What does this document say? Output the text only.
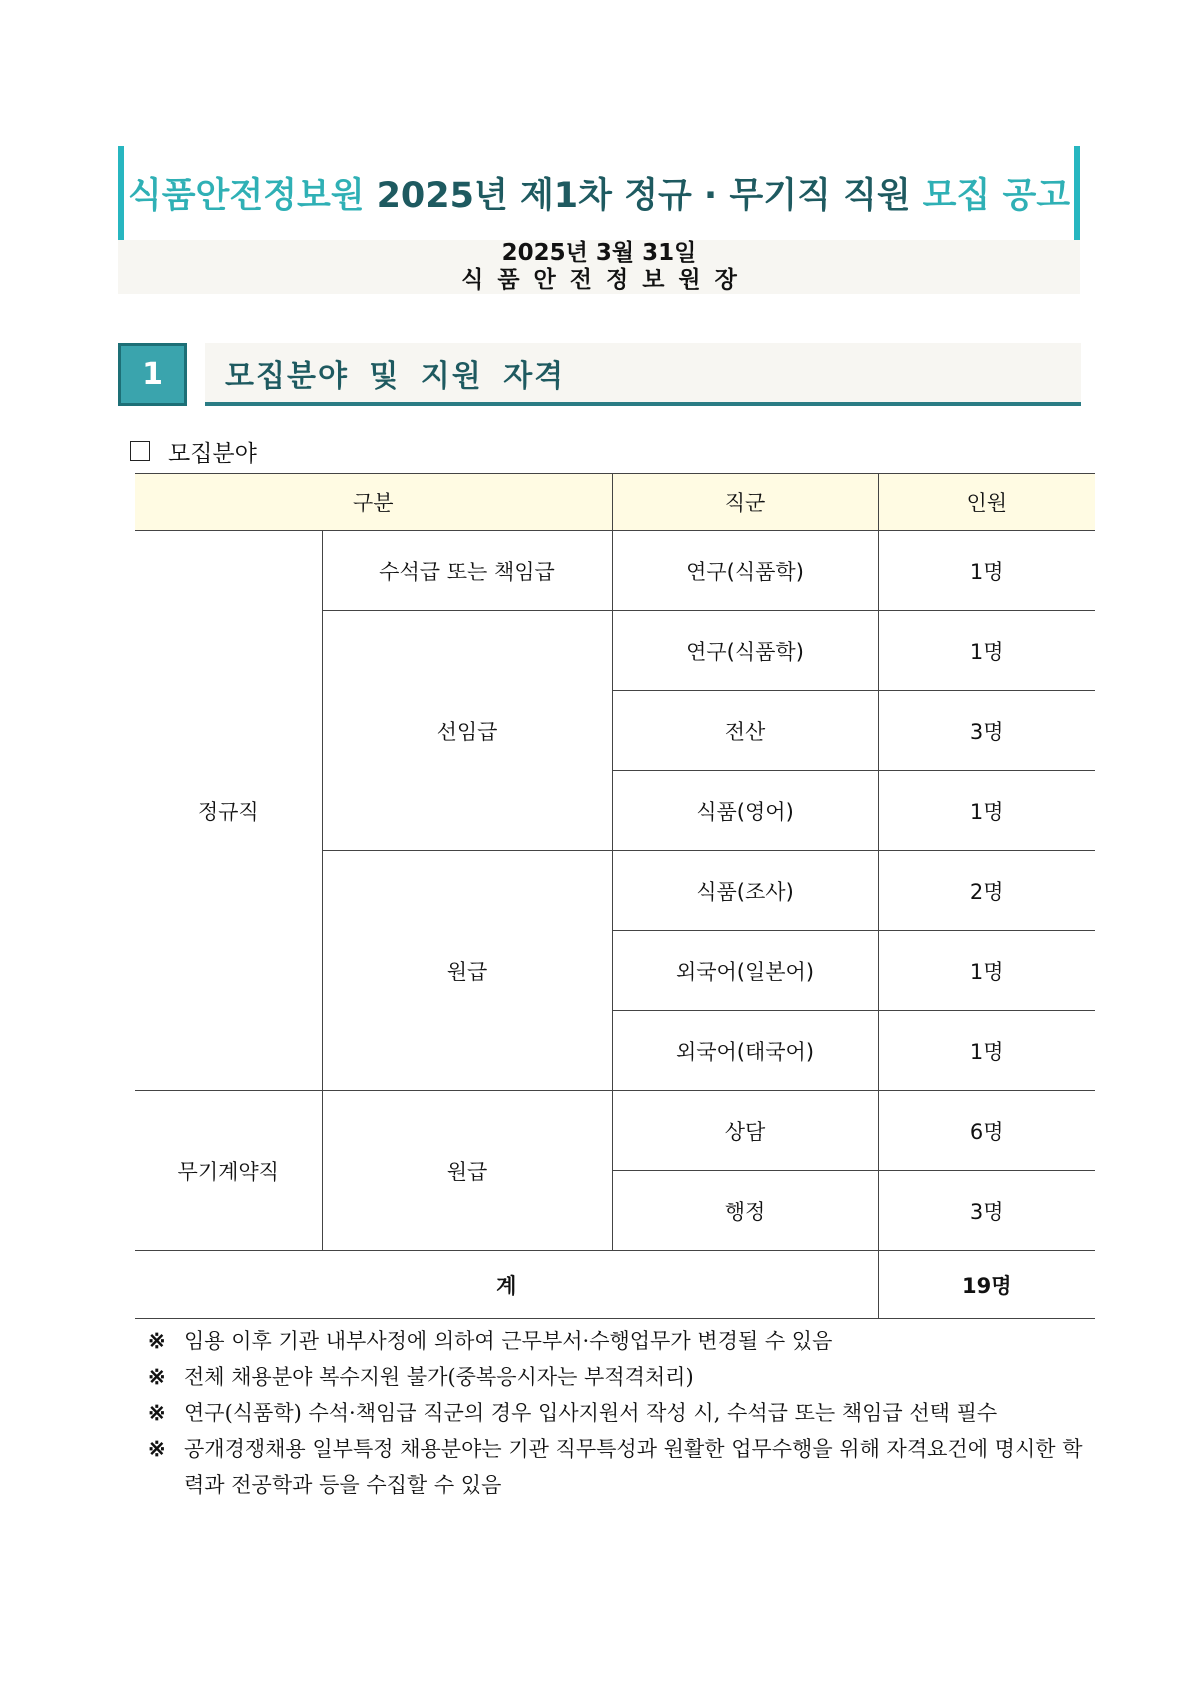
식품안전정보원 2025년 제1차 정규 · 무기직 직원 모집 공고
2025년 3월 31일
식품안전정보원장
1	모집분야 및 지원 자격
모집분야
구분		직군	인원
정규직	수석급 또는 책임급	연구(식품학)	1명
	선임급	연구(식품학)	1명
		전산	3명
		식품(영어)	1명
	원급	식품(조사)	2명
		외국어(일본어)	1명
		외국어(태국어)	1명
무기계약직	원급	상담	6명
		행정	3명
계			19명
※ 임용 이후 기관 내부사정에 의하여 근무부서·수행업무가 변경될 수 있음
※ 전체 채용분야 복수지원 불가(중복응시자는 부적격처리)
※ 연구(식품학) 수석·책임급 직군의 경우 입사지원서 작성 시, 수석급 또는 책임급 선택 필수
※ 공개경쟁채용 일부특정 채용분야는 기관 직무특성과 원활한 업무수행을 위해 자격요건에 명시한 학력과 전공학과 등을 수집할 수 있음
